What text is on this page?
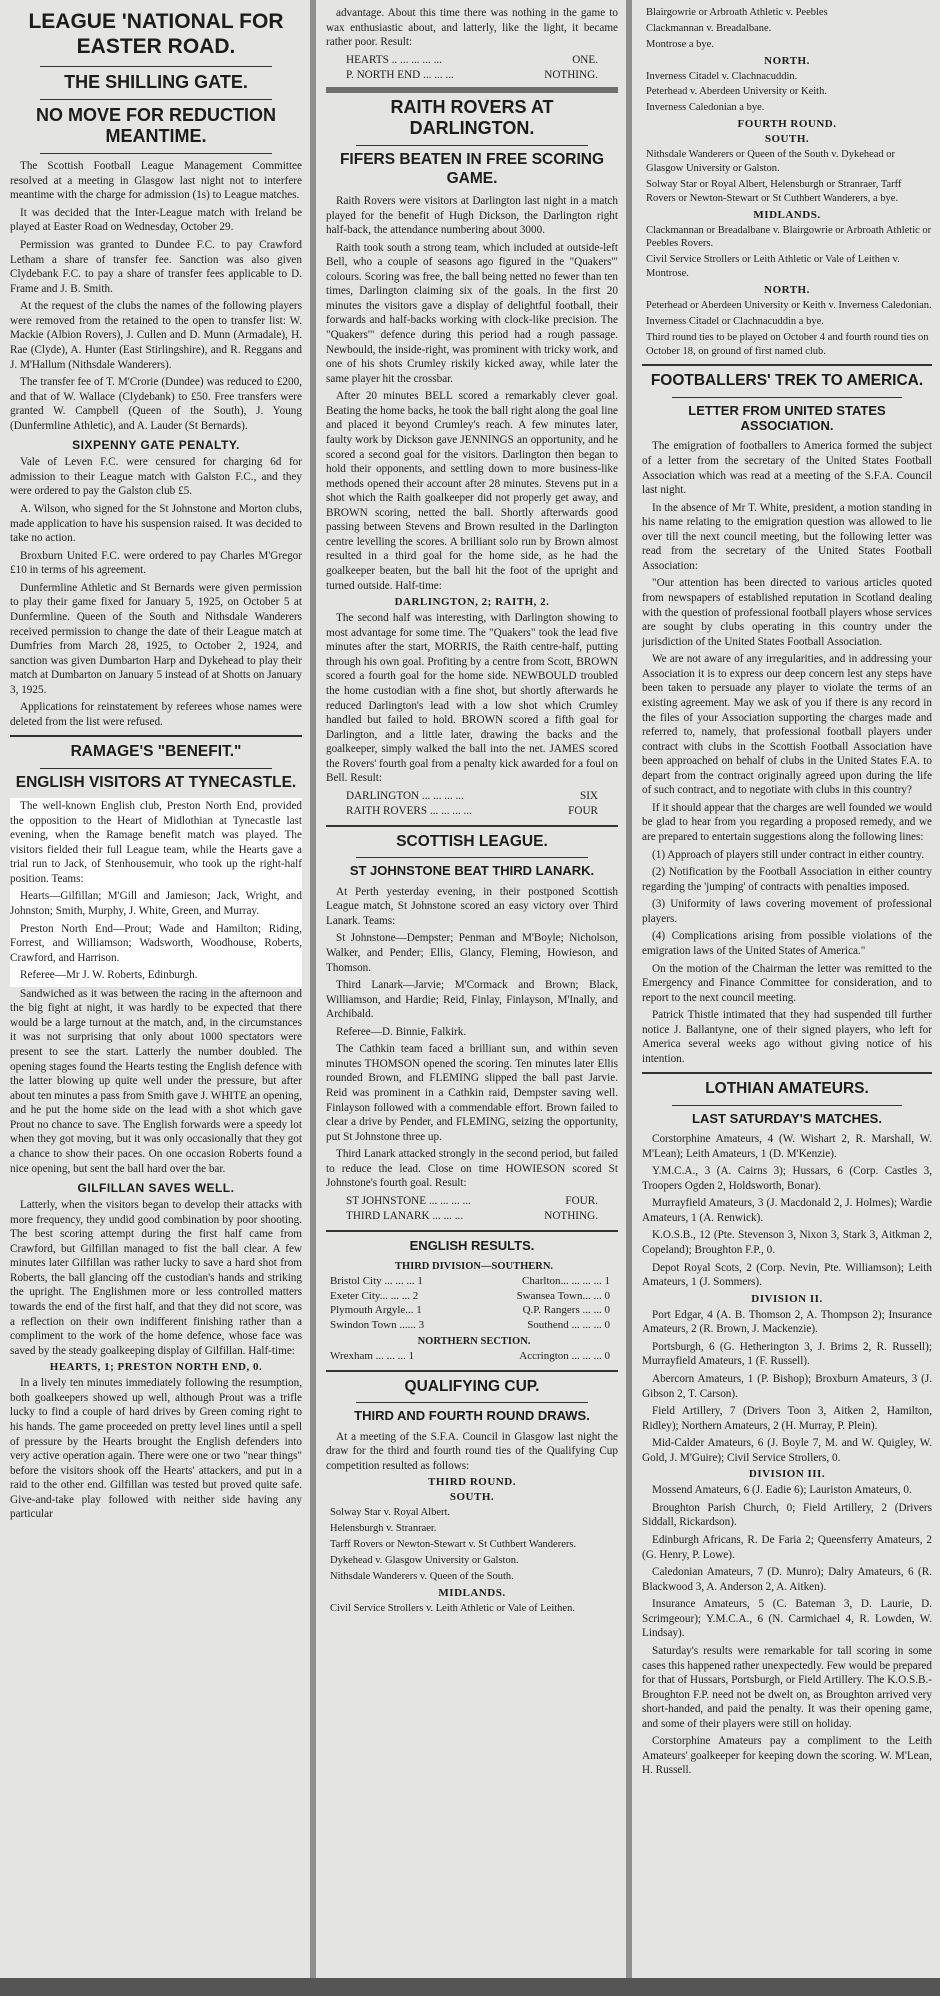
LEAGUE 'NATIONAL FOR EASTER ROAD.
THE SHILLING GATE.
NO MOVE FOR REDUCTION MEANTIME.

The Scottish Football League Management Committee resolved at a meeting in Glasgow last night not to interfere meantime with the charge for admission (1s) to League matches.

It was decided that the Inter-League match with Ireland be played at Easter Road on Wednesday, October 29.

Permission was granted to Dundee F.C. to pay Crawford Letham a share of transfer fee. Sanction was also given Clydebank F.C. to pay a share of transfer fees applicable to D. Frame and J. B. Smith.

At the request of the clubs the names of the following players were removed from the retained to the open to transfer list: W. Mackie (Albion Rovers), J. Cullen and D. Munn (Armadale), H. Rae (Clyde), A. Hunter (East Stirlingshire), and R. Reggans and J. M'Hallum (Nithsdale Wanderers).

The transfer fee of T. M'Crorie (Dundee) was reduced to £200, and that of W. Wallace (Clydebank) to £50. Free transfers were granted W. Campbell (Queen of the South), J. Young (Dunfermline Athletic), and A. Lauder (St Bernards).

SIXPENNY GATE PENALTY.

Vale of Leven F.C. were censured for charging 6d for admission to their League match with Galston F.C., and they were ordered to pay the Galston club £5.

A. Wilson, who signed for the St Johnstone and Morton clubs, made application to have his suspension raised. It was decided to take no action.

Broxburn United F.C. were ordered to pay Charles M'Gregor £10 in terms of his agreement.

Dunfermline Athletic and St Bernards were given permission to play their game fixed for January 5, 1925, on October 5 at Dunfermline. Queen of the South and Nithsdale Wanderers received permission to change the date of their League match at Dumfries from March 28, 1925, to October 2, 1924, and sanction was given Dumbarton Harp and Dykehead to play their match at Dumbarton on January 5 instead of at Shotts on January 3, 1925.

Applications for reinstatement by referees whose names were deleted from the list were refused.

RAMAGE'S "BENEFIT."
ENGLISH VISITORS AT TYNECASTLE.

The well-known English club, Preston North End, provided the opposition to the Heart of Midlothian at Tynecastle last evening, when the Ramage benefit match was played. The visitors fielded their full League team, while the Hearts gave a trial run to Jack, of Stenhousemuir, who took up the right-half position. Teams:

Hearts—Gilfillan; M'Gill and Jamieson; Jack, Wright, and Johnston; Smith, Murphy, J. White, Green, and Murray.

Preston North End—Prout; Wade and Hamilton; Riding, Forrest, and Williamson; Wadsworth, Woodhouse, Roberts, Crawford, and Harrison.

Referee—Mr J. W. Roberts, Edinburgh.

Sandwiched as it was between the racing in the afternoon and the big fight at night, it was hardly to be expected that there would be a large turnout at the match, and, in the circumstances it was not surprising that only about 1000 spectators were present to see the start. Latterly the number doubled. The opening stages found the Hearts testing the English defence with the latter blowing up quite well under the pressure, but after about ten minutes a pass from Smith gave J. WHITE an opening, and he put the home side on the lead with a shot which gave Prout no chance to save. The English forwards were a speedy lot when they got moving, but it was only occasionally that they got a chance to show their paces. On one occasion Roberts found a nice opening, but sent the ball hard over the bar.

GILFILLAN SAVES WELL.

Latterly, when the visitors began to develop their attacks with more frequency, they undid good combination by poor shooting. The best scoring attempt during the first half came from Crawford, but Gilfillan managed to fist the ball clear. A few minutes later Gilfillan was rather lucky to save a hard shot from Roberts, the ball glancing off the custodian's hands and striking the upright. The Englishmen more or less controlled matters towards the end of the first half, and that they did not score, was a reflection on their own indifferent finishing rather than a compliment to the work of the home defence, whose face was saved by the steady goalkeeping display of Gilfillan. Half-time:

HEARTS, 1; PRESTON NORTH END, 0.

In a lively ten minutes immediately following the resumption, both goalkeepers showed up well, although Prout was a trifle lucky to find a couple of hard drives by Green coming right to his hands. The game proceeded on pretty level lines until a spell of pressure by the Hearts brought the English defenders into very active operation again. There were one or two "near things" before the visitors shook off the Hearts' attackers, and put in a raid to the other end. Gilfillan was tested but proved quite safe. Give-and-take play followed with neither side having any particular

advantage. About this time there was nothing in the game to wax enthusiastic about, and latterly, like the light, it became rather poor. Result:

HEARTS .. ... ... ... ...	ONE.
P. NORTH END ... ... ...	NOTHING.
RAITH ROVERS AT DARLINGTON.
FIFERS BEATEN IN FREE SCORING GAME.

Raith Rovers were visitors at Darlington last night in a match played for the benefit of Hugh Dickson, the Darlington right half-back, the attendance numbering about 3000.

Raith took south a strong team, which included at outside-left Bell, who a couple of seasons ago figured in the "Quakers'" colours. Scoring was free, the ball being netted no fewer than ten times, Darlington claiming six of the goals. In the first 20 minutes the visitors gave a display of delightful football, their forwards and half-backs working with clock-like precision. The "Quakers'" defence during this period had a rough passage. Newbould, the inside-right, was prominent with tricky work, and one of his shots Crumley riskily kicked away, while later the same player hit the crossbar.

After 20 minutes BELL scored a remarkably clever goal. Beating the home backs, he took the ball right along the goal line and placed it beyond Crumley's reach. A few minutes later, faulty work by Dickson gave JENNINGS an opportunity, and he scored a second goal for the visitors. Darlington then began to hold their opponents, and settling down to more business-like methods opened their account after 28 minutes. Stevens put in a shot which the Raith goalkeeper did not properly get away, and BROWN scoring, netted the ball. Shortly afterwards good passing between Stevens and Brown resulted in the Darlington centre levelling the scores. A brilliant solo run by Brown almost resulted in a third goal for the home side, as he had the goalkeeper beaten, but the ball hit the foot of the upright and turned outside. Half-time:

DARLINGTON, 2; RAITH, 2.

The second half was interesting, with Darlington showing to most advantage for some time. The "Quakers" took the lead five minutes after the start, MORRIS, the Raith centre-half, putting through his own goal. Profiting by a centre from Scott, BROWN scored a fourth goal for the home side. NEWBOULD troubled the home custodian with a fine shot, but shortly afterwards he reduced Darlington's lead with a low shot which Crumley handled but failed to hold. BROWN scored a fifth goal for Darlington, and a little later, drawing the backs and the goalkeeper, simply walked the ball into the net. JAMES scored the Rovers' fourth goal from a penalty kick awarded for a foul on Bell. Result:

DARLINGTON ... ... ... ...	SIX
RAITH ROVERS ... ... ... ...	FOUR
SCOTTISH LEAGUE.
ST JOHNSTONE BEAT THIRD LANARK.

At Perth yesterday evening, in their postponed Scottish League match, St Johnstone scored an easy victory over Third Lanark. Teams:

St Johnstone—Dempster; Penman and M'Boyle; Nicholson, Walker, and Pender; Ellis, Glancy, Fleming, Howieson, and Thomson.

Third Lanark—Jarvie; M'Cormack and Brown; Black, Williamson, and Hardie; Reid, Finlay, Finlayson, M'Inally, and Archibald.

Referee—D. Binnie, Falkirk.

The Cathkin team faced a brilliant sun, and within seven minutes THOMSON opened the scoring. Ten minutes later Ellis rounded Brown, and FLEMING slipped the ball past Jarvie. Reid was prominent in a Cathkin raid, Dempster saving well. Finlayson followed with a commendable effort. Brown failed to clear a drive by Pender, and FLEMING, seizing the opportunity, put St Johnstone three up.

Third Lanark attacked strongly in the second period, but failed to reduce the lead. Close on time HOWIESON scored St Johnstone's fourth goal. Result:

ST JOHNSTONE ... ... ... ...	FOUR.
THIRD LANARK ... ... ...	NOTHING.
ENGLISH RESULTS.
THIRD DIVISION—SOUTHERN.
Bristol City ... ... ... 1	Charlton... ... ... ... 1
Exeter City... ... ... 2	Swansea Town... ... 0
Plymouth Argyle... 1	Q.P. Rangers ... ... 0
Swindon Town ...... 3	Southend ... ... ... 0
NORTHERN SECTION.
Wrexham ... ... ... 1	Accrington ... ... ... 0
QUALIFYING CUP.
THIRD AND FOURTH ROUND DRAWS.

At a meeting of the S.F.A. Council in Glasgow last night the draw for the third and fourth round ties of the Qualifying Cup competition resulted as follows:

THIRD ROUND.
SOUTH.
Solway Star v. Royal Albert.
Helensburgh v. Stranraer.
Tarff Rovers or Newton-Stewart v. St Cuthbert Wanderers.
Dykehead v. Glasgow University or Galston.
Nithsdale Wanderers v. Queen of the South.
MIDLANDS.
Civil Service Strollers v. Leith Athletic or Vale of Leithen.
Blairgowrie or Arbroath Athletic v. Peebles
Clackmannan v. Breadalbane.
Montrose a bye.
NORTH.
Inverness Citadel v. Clachnacuddin.
Peterhead v. Aberdeen University or Keith.
Inverness Caledonian a bye.
FOURTH ROUND.
SOUTH.
Nithsdale Wanderers or Queen of the South v. Dykehead or Glasgow University or Galston.
Solway Star or Royal Albert, Helensburgh or Stranraer, Tarff Rovers or Newton-Stewart or St Cuthbert Wanderers, a bye.
MIDLANDS.
Clackmannan or Breadalbane v. Blairgowrie or Arbroath Athletic or Peebles Rovers.
Civil Service Strollers or Leith Athletic or Vale of Leithen v. Montrose.
NORTH.
Peterhead or Aberdeen University or Keith v. Inverness Caledonian.
Inverness Citadel or Clachnacuddin a bye.
Third round ties to be played on October 4 and fourth round ties on October 18, on ground of first named club.
FOOTBALLERS' TREK TO AMERICA.
LETTER FROM UNITED STATES ASSOCIATION.

The emigration of footballers to America formed the subject of a letter from the secretary of the United States Football Association which was read at a meeting of the S.F.A. Council last night.

In the absence of Mr T. White, president, a motion standing in his name relating to the emigration question was allowed to lie over till the next council meeting, but the following letter was read from the secretary of the United States Football Association:

"Our attention has been directed to various articles quoted from newspapers of established reputation in Scotland dealing with the question of professional football players whose services are sought by clubs operating in this country under the jurisdiction of the United States Football Association.

We are not aware of any irregularities, and in addressing your Association it is to express our deep concern lest any steps have been taken to persuade any player to violate the terms of an existing agreement. May we ask of you if there is any record in the files of your Association supporting the charges made and referred to, namely, that professional football players under contract with clubs in the Scottish Football Association have been approached on behalf of clubs in the United States F.A. to depart from the contract originally agreed upon during the life of such contract, and to negotiate with clubs in this country?

If it should appear that the charges are well founded we would be glad to hear from you regarding a proposed remedy, and we are prepared to entertain suggestions along the following lines:

(1) Approach of players still under contract in either country.

(2) Notification by the Football Association in either country regarding the 'jumping' of contracts with penalties imposed.

(3) Uniformity of laws covering movement of professional players.

(4) Complications arising from possible violations of the emigration laws of the United States of America."

On the motion of the Chairman the letter was remitted to the Emergency and Finance Committee for consideration, and to report to the next council meeting.

Patrick Thistle intimated that they had suspended till further notice J. Ballantyne, one of their signed players, who left for America several weeks ago without giving notice of his intention.

LOTHIAN AMATEURS.
LAST SATURDAY'S MATCHES.

Corstorphine Amateurs, 4 (W. Wishart 2, R. Marshall, W. M'Lean); Leith Amateurs, 1 (D. M'Kenzie).

Y.M.C.A., 3 (A. Cairns 3); Hussars, 6 (Corp. Castles 3, Troopers Ogden 2, Holdsworth, Bonar).

Murrayfield Amateurs, 3 (J. Macdonald 2, J. Holmes); Wardie Amateurs, 1 (A. Renwick).

K.O.S.B., 12 (Pte. Stevenson 3, Nixon 3, Stark 3, Aitkman 2, Copeland); Broughton F.P., 0.

Depot Royal Scots, 2 (Corp. Nevin, Pte. Williamson); Leith Amateurs, 1 (J. Sommers).

DIVISION II.

Port Edgar, 4 (A. B. Thomson 2, A. Thompson 2); Insurance Amateurs, 2 (R. Brown, J. Mackenzie).

Portsburgh, 6 (G. Hetherington 3, J. Brims 2, R. Russell); Murrayfield Amateurs, 1 (F. Russell).

Abercorn Amateurs, 1 (P. Bishop); Broxburn Amateurs, 3 (J. Gibson 2, T. Carson).

Field Artillery, 7 (Drivers Toon 3, Aitken 2, Hamilton, Ridley); Northern Amateurs, 2 (H. Murray, P. Plein).

Mid-Calder Amateurs, 6 (J. Boyle 7, M. and W. Quigley, W. Gold, J. M'Guire); Civil Service Strollers, 0.

DIVISION III.

Mossend Amateurs, 6 (J. Eadie 6); Lauriston Amateurs, 0.

Broughton Parish Church, 0; Field Artillery, 2 (Drivers Siddall, Rickardson).

Edinburgh Africans, R. De Faria 2; Queensferry Amateurs, 2 (G. Henry, P. Lowe).

Caledonian Amateurs, 7 (D. Munro); Dalry Amateurs, 6 (R. Blackwood 3, A. Anderson 2, A. Aitken).

Insurance Amateurs, 5 (C. Bateman 3, D. Laurie, D. Scrimgeour); Y.M.C.A., 6 (N. Carmichael 4, R. Lowden, W. Lindsay).

Saturday's results were remarkable for tall scoring in some cases this happened rather unexpectedly. Few would be prepared for that of Hussars, Portsburgh, or Field Artillery. The K.O.S.B.-Broughton F.P. need not be dwelt on, as Broughton arrived very short-handed, and paid the penalty. It was their opening game, and some of their players were still on holiday.

Corstorphine Amateurs pay a compliment to the Leith Amateurs' goalkeeper for keeping down the scoring. W. M'Lean, H. Russell.
